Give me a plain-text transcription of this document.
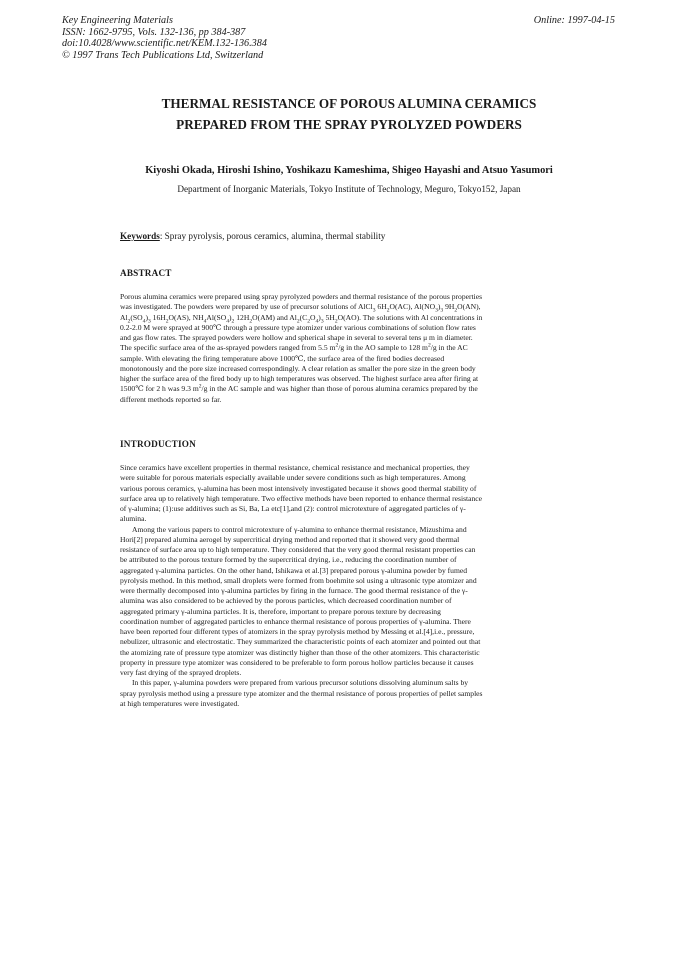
Key Engineering Materials
ISSN: 1662-9795, Vols. 132-136, pp 384-387
doi:10.4028/www.scientific.net/KEM.132-136.384
© 1997 Trans Tech Publications Ltd, Switzerland
Online: 1997-04-15
THERMAL RESISTANCE OF POROUS ALUMINA CERAMICS
PREPARED FROM THE SPRAY PYROLYZED POWDERS
Kiyoshi Okada, Hiroshi Ishino, Yoshikazu Kameshima, Shigeo Hayashi and Atsuo Yasumori
Department of Inorganic Materials, Tokyo Institute of Technology, Meguro, Tokyo152, Japan
Keywords: Spray pyrolysis, porous ceramics, alumina, thermal stability
ABSTRACT
Porous alumina ceramics were prepared using spray pyrolyzed powders and thermal resistance of the porous properties
was investigated. The powders were prepared by use of precursor solutions of AlCl$_3$ $6H_2O(AC)$, $Al(NO_3)_3$ $9H_2O(AN)$,
$Al_2(SO_4)_3$ $16H_2O(AS)$, $NH_4Al(SO_4)_2$ $12H_2O(AM)$ and $Al_2(C_2O_4)_3$ $5H_2O(AO)$. The solutions with Al concentrations in
0.2-2.0 M were sprayed at 900℃ through a pressure type atomizer under various combinations of solution flow rates
and gas flow rates. The sprayed powders were hollow and spherical shape in several to several tens μ m in diameter.
The specific surface area of the as-sprayed powders ranged from 5.5 $m^2/g$ in the AO sample to 128 $m^2/g$ in the AC
sample. With elevating the firing temperature above 1000℃, the surface area of the fired bodies decreased
monotonously and the pore size increased correspondingly. A clear relation as smaller the pore size in the green body
higher the surface area of the fired body up to high temperatures was observed. The highest surface area after firing at
1500℃ for 2 h was 9.3 $m^2/g$ in the AC sample and was higher than those of porous alumina ceramics prepared by the
different methods reported so far.
INTRODUCTION
Since ceramics have excellent properties in thermal resistance, chemical resistance and mechanical properties, they
were suitable for porous materials especially available under severe conditions such as high temperatures. Among
various porous ceramics, γ-alumina has been most intensively investigated because it shows good thermal stability of
surface area up to relatively high temperature. Two effective methods have been reported to enhance thermal resistance
of γ-alumina; (1):use additives such as Si, Ba, La etc[1],and (2): control microtexture of aggregated particles of γ-
alumina.
Among the various papers to control microtexture of γ-alumina to enhance thermal resistance, Mizushima and
Hori[2] prepared alumina aerogel by supercritical drying method and reported that it showed very good thermal
resistance of surface area up to high temperature. They considered that the very good thermal resistant properties can
be attributed to the porous texture formed by the supercritical drying, i.e., reducing the coordination number of
aggregated γ-alumina particles. On the other hand, Ishikawa et al.[3] prepared porous γ-alumina powder by fumed
pyrolysis method. In this method, small droplets were formed from boehmite sol using a ultrasonic type atomizer and
were thermally decomposed into γ-alumina particles by firing in the furnace. The good thermal resistance of the γ-
alumina was also considered to be achieved by the porous particles, which decreased coordination number of
aggregated primary γ-alumina particles. It is, therefore, important to prepare porous texture by decreasing
coordination number of aggregated particles to enhance thermal resistance of porous properties of γ-alumina. There
have been reported four different types of atomizers in the spray pyrolysis method by Messing et al.[4],i.e., pressure,
nebulizer, ultrasonic and electrostatic. They summarized the characteristic points of each atomizer and pointed out that
the atomizing rate of pressure type atomizer was distinctly higher than those of the other atomizers. This characteristic
property in pressure type atomizer was considered to be preferable to form porous hollow particles because it causes
very fast drying of the sprayed droplets.
In this paper, γ-alumina powders were prepared from various precursor solutions dissolving aluminum salts by
spray pyrolysis method using a pressure type atomizer and the thermal resistance of porous properties of pellet samples
at high temperatures were investigated.
